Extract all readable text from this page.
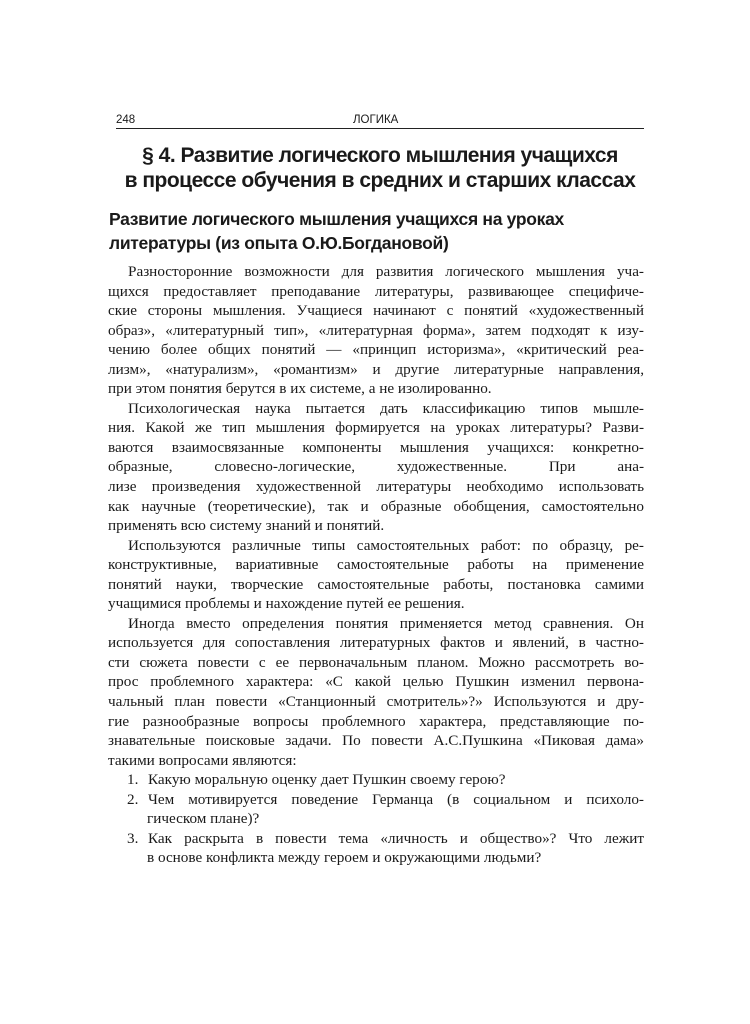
248	ЛОГИКА
§ 4. Развитие логического мышления учащихся
в процессе обучения в средних и старших классах
Развитие логического мышления учащихся на уроках
литературы (из опыта О.Ю.Богдановой)
Разносторонние возможности для развития логического мышления уча-
щихся предоставляет преподавание литературы, развивающее специфиче-
ские стороны мышления. Учащиеся начинают с понятий «художественный
образ», «литературный тип», «литературная форма», затем подходят к изу-
чению более общих понятий — «принцип историзма», «критический реа-
лизм», «натурализм», «романтизм» и другие литературные направления,
при этом понятия берутся в их системе, а не изолированно.
Психологическая наука пытается дать классификацию типов мышле-
ния. Какой же тип мышления формируется на уроках литературы? Разви-
ваются взаимосвязанные компоненты мышления учащихся: конкретно-
образные, словесно-логические, художественные. При ана-
лизе произведения художественной литературы необходимо использовать
как научные (теоретические), так и образные обобщения, самостоятельно
применять всю систему знаний и понятий.
Используются различные типы самостоятельных работ: по образцу, ре-
конструктивные, вариативные самостоятельные работы на применение
понятий науки, творческие самостоятельные работы, постановка самими
учащимися проблемы и нахождение путей ее решения.
Иногда вместо определения понятия применяется метод сравнения. Он
используется для сопоставления литературных фактов и явлений, в частно-
сти сюжета повести с ее первоначальным планом. Можно рассмотреть во-
прос проблемного характера: «С какой целью Пушкин изменил первона-
чальный план повести «Станционный смотритель»?» Используются и дру-
гие разнообразные вопросы проблемного характера, представляющие по-
знавательные поисковые задачи. По повести А.С.Пушкина «Пиковая дама»
такими вопросами являются:
1. Какую моральную оценку дает Пушкин своему герою?
2. Чем мотивируется поведение Германца (в социальном и психоло-
гическом плане)?
3. Как раскрыта в повести тема «личность и общество»? Что лежит
в основе конфликта между героем и окружающими людьми?
